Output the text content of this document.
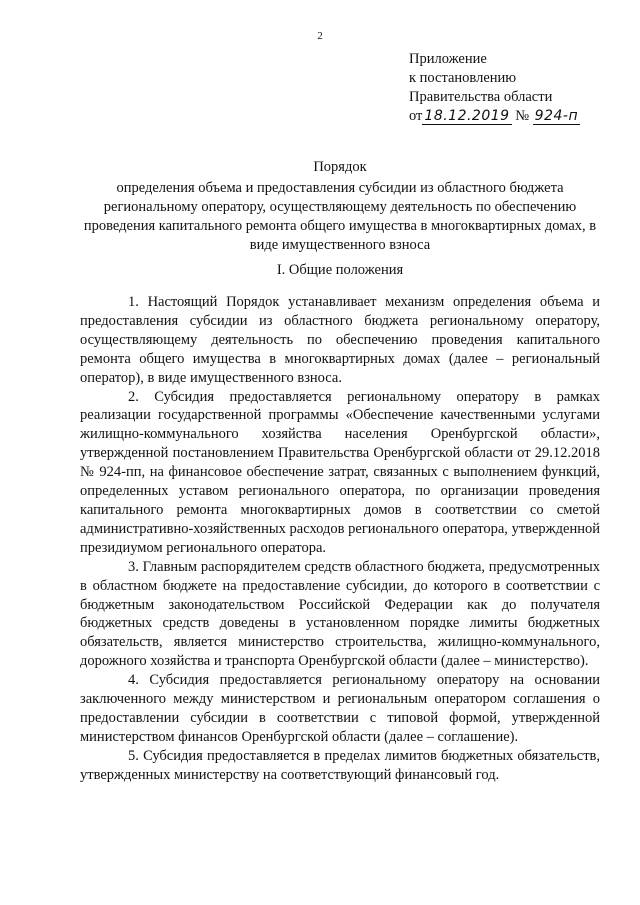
2
Приложение
к постановлению
Правительства области
от 18.12.2019 № 924-п
Порядок
определения объема и предоставления субсидии из областного бюджета региональному оператору, осуществляющему деятельность по обеспечению проведения капитального ремонта общего имущества в многоквартирных домах, в виде имущественного взноса
I. Общие положения

1. Настоящий Порядок устанавливает механизм определения объема и предоставления субсидии из областного бюджета региональному оператору, осуществляющему деятельность по обеспечению проведения капитального ремонта общего имущества в многоквартирных домах (далее – региональный оператор), в виде имущественного взноса.

2. Субсидия предоставляется региональному оператору в рамках реализации государственной программы «Обеспечение качественными услугами жилищно-коммунального хозяйства населения Оренбургской области», утвержденной постановлением Правительства Оренбургской области от 29.12.2018 № 924-пп, на финансовое обеспечение затрат, связанных с выполнением функций, определенных уставом регионального оператора, по организации проведения капитального ремонта многоквартирных домов в соответствии со сметой административно-хозяйственных расходов регионального оператора, утвержденной президиумом регионального оператора.

3. Главным распорядителем средств областного бюджета, предусмотренных в областном бюджете на предоставление субсидии, до которого в соответствии с бюджетным законодательством Российской Федерации как до получателя бюджетных средств доведены в установленном порядке лимиты бюджетных обязательств, является министерство строительства, жилищно-коммунального, дорожного хозяйства и транспорта Оренбургской области (далее – министерство).

4. Субсидия предоставляется региональному оператору на основании заключенного между министерством и региональным оператором соглашения о предоставлении субсидии в соответствии с типовой формой, утвержденной министерством финансов Оренбургской области (далее – соглашение).

5. Субсидия предоставляется в пределах лимитов бюджетных обязательств, утвержденных министерству на соответствующий финансовый год.
